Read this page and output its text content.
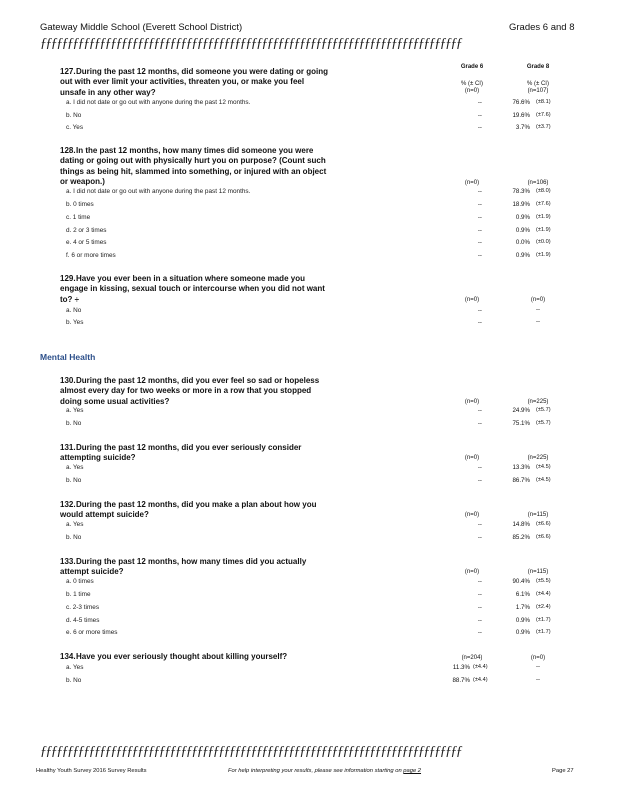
Gateway Middle School (Everett School District)	Grades 6 and 8
ƒƒƒƒƒƒƒƒƒƒƒƒƒƒƒƒƒƒƒƒƒƒƒƒƒƒƒƒƒƒƒƒƒƒƒƒƒƒƒƒƒƒƒƒƒƒƒƒƒƒƒƒƒƒƒƒƒƒƒƒƒƒƒƒƒƒƒƒƒƒƒƒƒƒƒƒƒƒ
Grade 6	Grade 8
% (± CI)	% (± CI)
(n=0)	(n=107)
127.During the past 12 months, did someone you were dating or going out with ever limit your activities, threaten you, or make you feel unsafe in any other way?
a. I did not date or go out with anyone during the past 12 months.	--	76.6% (±8.1)
b. No	--	19.6% (±7.6)
c. Yes	--	3.7% (±3.7)
128.In the past 12 months, how many times did someone you were dating or going out with physically hurt you on purpose? (Count such things as being hit, slammed into something, or injured with an object or weapon.)	(n=0)	(n=106)
a. I did not date or go out with anyone during the past 12 months.	--	78.3% (±8.0)
b. 0 times	--	18.9% (±7.6)
c. 1 time	--	0.9% (±1.9)
d. 2 or 3 times	--	0.9% (±1.9)
e. 4 or 5 times	--	0.0% (±0.0)
f. 6 or more times	--	0.9% (±1.9)
129.Have you ever been in a situation where someone made you engage in kissing, sexual touch or intercourse when you did not want to? ÷	(n=0)	(n=0)
a. No	--	--
b. Yes	--	--
Mental Health
130.During the past 12 months, did you ever feel so sad or hopeless almost every day for two weeks or more in a row that you stopped doing some usual activities?	(n=0)	(n=225)
a. Yes	--	24.9% (±5.7)
b. No	--	75.1% (±5.7)
131.During the past 12 months, did you ever seriously consider attempting suicide?	(n=0)	(n=225)
a. Yes	--	13.3% (±4.5)
b. No	--	86.7% (±4.5)
132.During the past 12 months, did you make a plan about how you would attempt suicide?	(n=0)	(n=115)
a. Yes	--	14.8% (±6.6)
b. No	--	85.2% (±6.6)
133.During the past 12 months, how many times did you actually attempt suicide?	(n=0)	(n=115)
a. 0 times	--	90.4% (±5.5)
b. 1 time	--	6.1% (±4.4)
c. 2-3 times	--	1.7% (±2.4)
d. 4-5 times	--	0.9% (±1.7)
e. 6 or more times	--	0.9% (±1.7)
134.Have you ever seriously thought about killing yourself?	(n=204)	(n=0)
a. Yes	11.3% (±4.4)	--
b. No	88.7% (±4.4)	--
ƒƒƒƒƒƒƒƒƒƒƒƒƒƒƒƒƒƒƒƒƒƒƒƒƒƒƒƒƒƒƒƒƒƒƒƒƒƒƒƒƒƒƒƒƒƒƒƒƒƒƒƒƒƒƒƒƒƒƒƒƒƒƒƒƒƒƒƒƒƒƒƒƒƒƒƒƒƒ
Healthy Youth Survey 2016 Survey Results	For help interpreting your results, please see information starting on page 2	Page 27
